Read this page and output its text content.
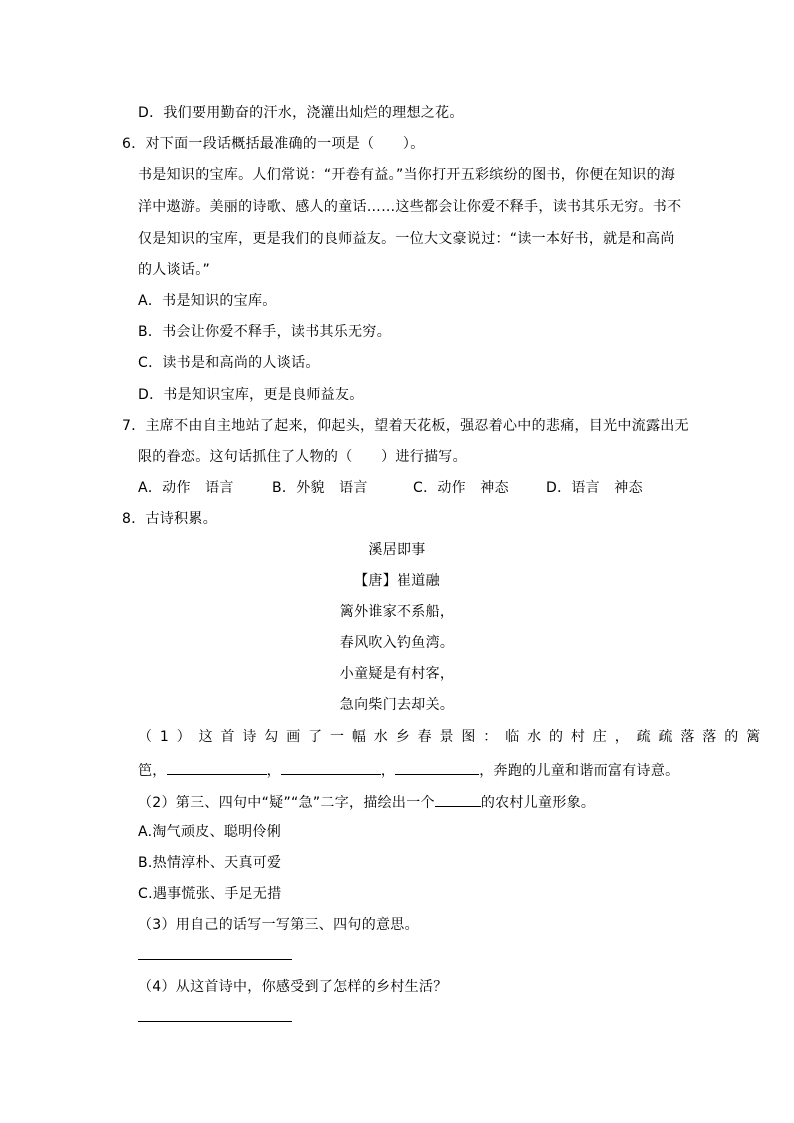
D．我们要用勤奋的汗水，浇灌出灿烂的理想之花。
6．对下面一段话概括最准确的一项是（　　）。
书是知识的宝库。人们常说：“开卷有益。”当你打开五彩缤纷的图书，你便在知识的海
洋中遨游。美丽的诗歌、感人的童话……这些都会让你爱不释手，读书其乐无穷。书不
仅是知识的宝库，更是我们的良师益友。一位大文豪说过：“读一本好书，就是和高尚
的人谈话。”
A．书是知识的宝库。
B．书会让你爱不释手，读书其乐无穷。
C．读书是和高尚的人谈话。
D．书是知识宝库，更是良师益友。
7．主席不由自主地站了起来，仰起头，望着天花板，强忍着心中的悲痛，目光中流露出无
限的眷恋。这句话抓住了人物的（　　）进行描写。
A．动作　语言	B．外貌　语言	C．动作　神态	D．语言　神态
8．古诗积累。
溪居即事
【唐】崔道融
篱外谁家不系船，
春风吹入钓鱼湾。
小童疑是有村客，
急向柴门去却关。
（1）这首诗勾画了一幅水乡春景图：临水的村庄，疏疏落落的篱
笆，	，	，	，奔跑的儿童和谐而富有诗意。
（2）第三、四句中“疑”“急”二字，描绘出一个	的农村儿童形象。
A.淘气顽皮、聪明伶俐
B.热情淳朴、天真可爱
C.遇事慌张、手足无措
（3）用自己的话写一写第三、四句的意思。
（4）从这首诗中，你感受到了怎样的乡村生活？
